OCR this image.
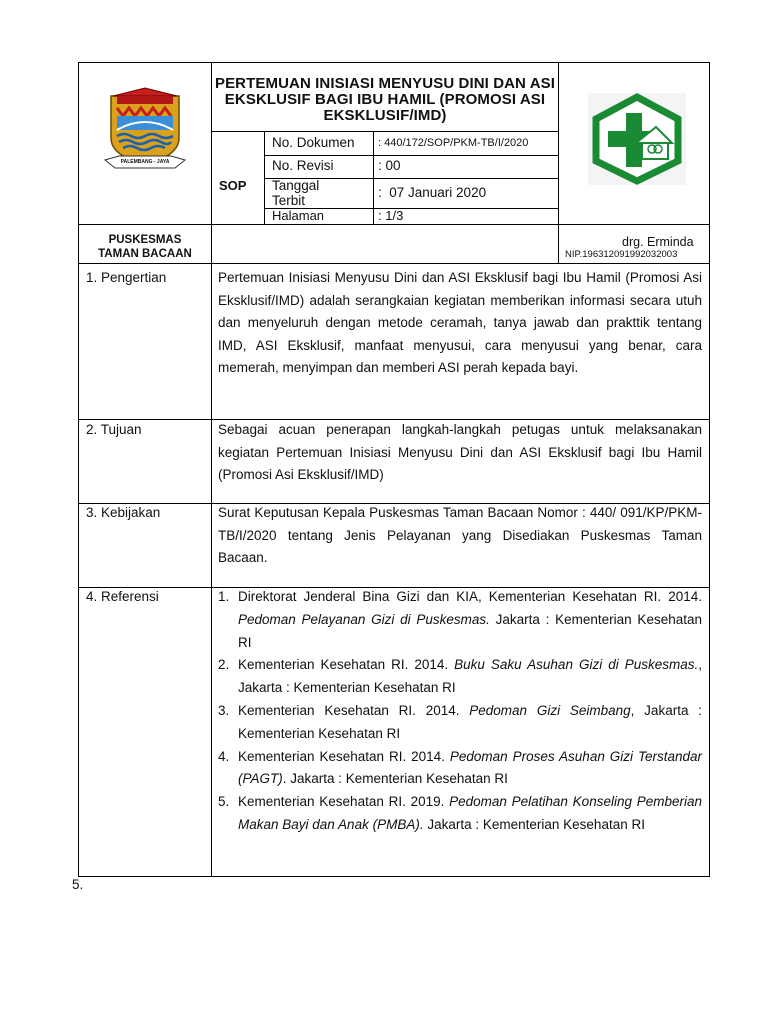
PALEMBANG - JAYA
PERTEMUAN INISIASI MENYUSU DINI DAN ASI EKSKLUSIF BAGI IBU HAMIL (PROMOSI ASI EKSKLUSIF/IMD)
SOP
No. Dokumen : 440/172/SOP/PKM-TB/I/2020
No. Revisi	: 00
Tanggal
Terbit
:  07 Januari 2020
Halaman	: 1/3
PUSKESMAS
TAMAN BACAAN
drg. Erminda
NIP.196312091992032003
1. Pengertian	Pertemuan Inisiasi Menyusu Dini dan ASI Eksklusif bagi Ibu Hamil (Promosi Asi Eksklusif/IMD) adalah serangkaian kegiatan memberikan informasi secara utuh dan menyeluruh dengan metode ceramah, tanya jawab dan prakttik tentang IMD, ASI Eksklusif, manfaat menyusui, cara menyusui yang benar, cara memerah, menyimpan dan memberi ASI perah kepada bayi.
2. Tujuan	Sebagai acuan penerapan langkah-langkah petugas untuk melaksanakan kegiatan Pertemuan Inisiasi Menyusu Dini dan ASI Eksklusif bagi Ibu Hamil (Promosi Asi Eksklusif/IMD)
3. Kebijakan	Surat Keputusan Kepala Puskesmas Taman Bacaan Nomor : 440/ 091/KP/PKM-TB/I/2020 tentang Jenis Pelayanan yang Disediakan Puskesmas Taman Bacaan.
4. Referensi	1. Direktorat Jenderal Bina Gizi dan KIA, Kementerian Kesehatan RI. 2014. Pedoman Pelayanan Gizi di Puskesmas. Jakarta : Kementerian Kesehatan RI
2. Kementerian Kesehatan RI. 2014. Buku Saku Asuhan Gizi di Puskesmas., Jakarta : Kementerian Kesehatan RI
3. Kementerian Kesehatan RI. 2014. Pedoman Gizi Seimbang, Jakarta : Kementerian Kesehatan RI
4. Kementerian Kesehatan RI. 2014. Pedoman Proses Asuhan Gizi Terstandar (PAGT). Jakarta : Kementerian Kesehatan RI
5. Kementerian Kesehatan RI. 2019. Pedoman Pelatihan Konseling Pemberian Makan Bayi dan Anak (PMBA). Jakarta : Kementerian Kesehatan RI
5.
